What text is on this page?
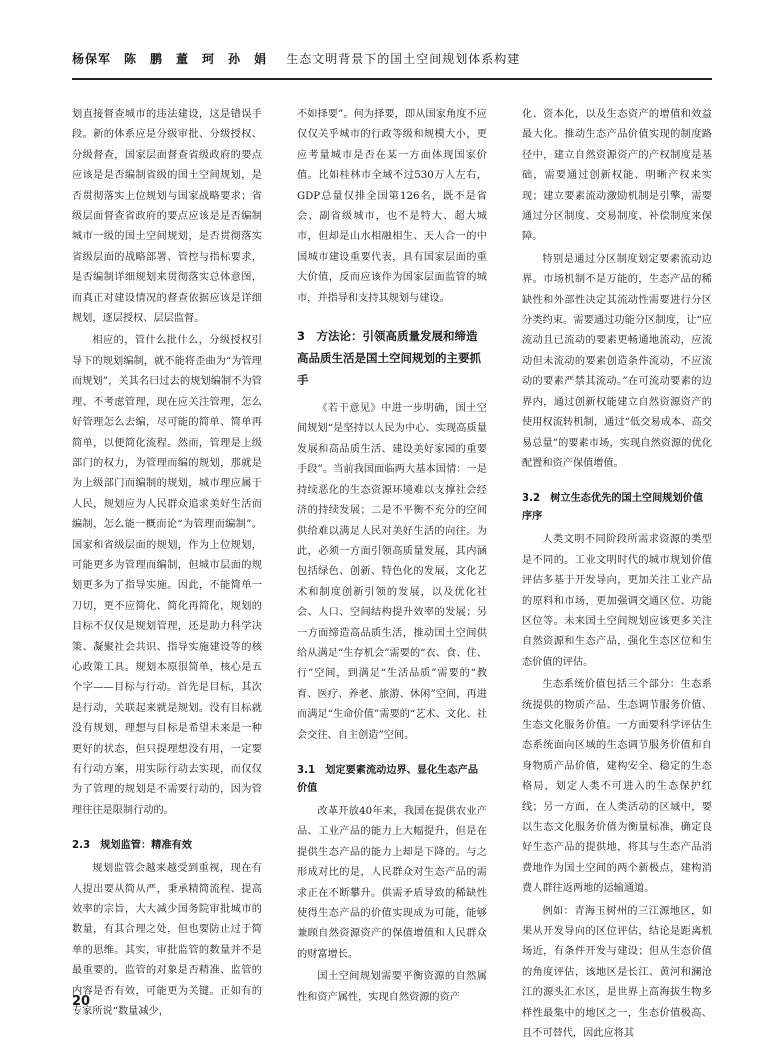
杨保军　陈　鹏　董　珂　孙　娟 生态文明背景下的国土空间规划体系构建

划直接督查城市的违法建设，这是错误手段。新的体系应是分级审批、分级授权、分级督查，国家层面督查省级政府的要点应该是是否编制省级的国土空间规划，是否贯彻落实上位规划与国家战略要求；省级层面督查省政府的要点应该是是否编制城市一级的国土空间规划，是否贯彻落实省级层面的战略部署、管控与指标要求，是否编制详细规划来贯彻落实总体意图，而真正对建设情况的督查依据应该是详细规划，逐层授权、层层监督。

相应的，管什么批什么，分级授权引导下的规划编制，就不能将歪曲为“为管理而规划”，关其名曰过去的规划编制不为管理、不考虑管理，现在应关注管理，怎么好管理怎么去编，尽可能的简单、简单再简单，以便简化流程。然而，管理是上级部门的权力，为管理而编的规划，那就是为上级部门而编制的规划，城市理应属于人民，规划应为人民群众追求美好生活而编制，怎么能一概而论“为管理而编制”。国家和省级层面的规划，作为上位规划，可能更多为管理而编制，但城市层面的规划更多为了指导实施。因此，不能简单一刀切，更不应简化、简化再简化，规划的目标不仅仅是规划管理，还是助力科学决策、凝聚社会共识、指导实施建设等的核心政策工具。规划本原很简单，核心是五个字——目标与行动。首先是目标，其次是行动，关联起来就是规划。没有目标就没有规划，理想与目标是希望未来是一种更好的状态，但只提理想没有用，一定要有行动方案，用实际行动去实现，而仅仅为了管理的规划是不需要行动的，因为管理往往是限制行动的。

2.3　规划监管：精准有效

规划监管会越来越受到重视，现在有人提出要从简从严，秉承精简流程、提高效率的宗旨，大大减少国务院审批城市的数量，有其合理之处，但也要防止过于简单的思维。其实，审批监管的数量并不是最重要的，监管的对象是否精准、监管的内容是否有效，可能更为关键。正如有的专家所说“数量减少，

不如择要”。何为择要，即从国家角度不应仅仅关乎城市的行政等级和规模大小，更应考量城市是否在某一方面体现国家价值。比如桂林市全域不过530万人左右，GDP总量仅排全国第126名，既不是省会、副省级城市，也不是特大、超大城市，但却是山水相融相生、天人合一的中国城市建设重要代表，具有国家层面的重大价值，反而应该作为国家层面监管的城市，并指导和支持其规划与建设。

3　方法论：引领高质量发展和缔造高品质生活是国土空间规划的主要抓手

《若干意见》中进一步明确，国土空间规划“是坚持以人民为中心、实现高质量发展和高品质生活、建设美好家园的重要手段”。当前我国面临两大基本国情：一是持续恶化的生态资源环境难以支撑社会经济的持续发展；二是不平衡不充分的空间供给难以满足人民对美好生活的向往。为此，必须一方面引领高质量发展，其内涵包括绿色、创新、特色化的发展，文化艺术和制度创新引领的发展，以及优化社会、人口、空间结构提升效率的发展；另一方面缔造高品质生活，推动国土空间供给从满足“生存机会”需要的“衣、食、住、行”空间，到满足“生活品质”需要的“教育、医疗、养老、旅游、休闲”空间，再进而满足“生命价值”需要的“艺术、文化、社会交往、自主创造”空间。

3.1　划定要素流动边界、显化生态产品价值

改革开放40年来，我国在提供农业产品、工业产品的能力上大幅提升，但是在提供生态产品的能力上却是下降的。与之形成对比的是，人民群众对生态产品的需求正在不断攀升。供需矛盾导致的稀缺性使得生态产品的价值实现成为可能，能够兼顾自然资源资产的保值增值和人民群众的财富增长。

国土空间规划需要平衡资源的自然属性和资产属性，实现自然资源的资产

化、资本化，以及生态资产的增值和效益最大化。推动生态产品价值实现的制度路径中，建立自然资源资产的产权制度是基础，需要通过创新权能、明晰产权来实现；建立要素流动激励机制是引擎，需要通过分区制度、交易制度、补偿制度来保障。

特别是通过分区制度划定要素流动边界。市场机制不是万能的，生态产品的稀缺性和外部性决定其流动性需要进行分区分类约束。需要通过功能分区制度，让“应流动且已流动的要素更畅通地流动，应流动但未流动的要素创造条件流动，不应流动的要素严禁其流动。”在可流动要素的边界内，通过创新权能建立自然资源资产的使用权流转机制，通过“低交易成本、高交易总量”的要素市场，实现自然资源的优化配置和资产保值增值。

3.2　树立生态优先的国土空间规划价值序序

人类文明不同阶段所需求资源的类型是不同的。工业文明时代的城市规划价值评估多基于开发导向，更加关注工业产品的原料和市场，更加强调交通区位、功能区位等。未来国土空间规划应该更多关注自然资源和生态产品，强化生态区位和生态价值的评估。

生态系统价值包括三个部分：生态系统提供的物质产品、生态调节服务价值、生态文化服务价值。一方面要科学评估生态系统面向区域的生态调节服务价值和自身物质产品价值，建构安全、稳定的生态格局，划定人类不可进入的生态保护红线；另一方面，在人类活动的区域中，要以生态文化服务价值为衡量标准，确定良好生态产品的提供地，将其与生态产品消费地作为国土空间的两个新极点，建构消费人群往返两地的运输通道。

例如：青海玉树州的三江源地区，如果从开发导向的区位评估，结论是距离机场近，有条件开发与建设；但从生态价值的角度评估，该地区是长江、黄河和澜沧江的源头汇水区，是世界上高海拔生物多样性最集中的地区之一，生态价值极高、且不可替代，因此应将其

20
